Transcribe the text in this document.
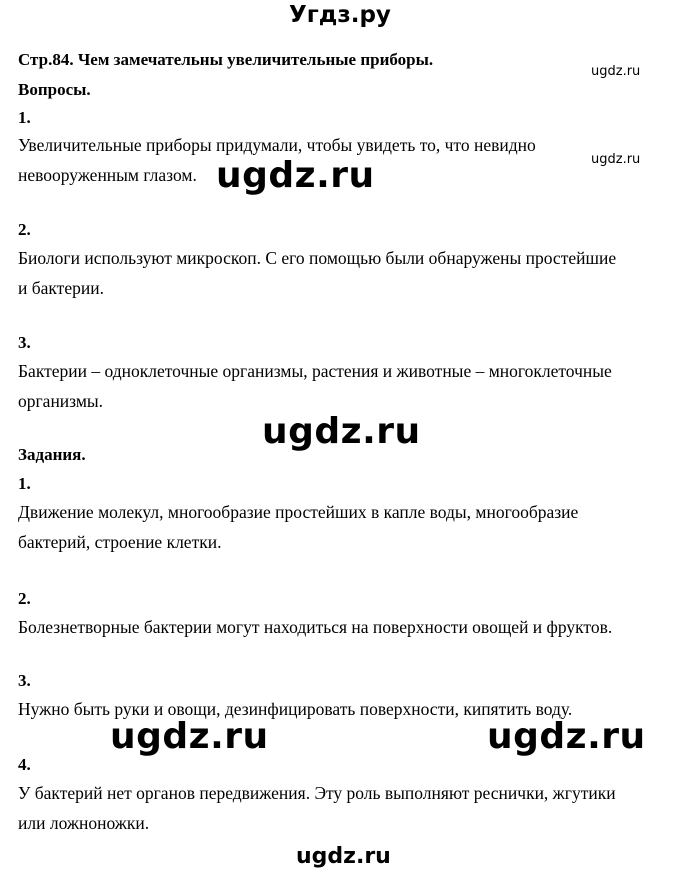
Угдз.ру
Стр.84. Чем замечательны увеличительные приборы.
Вопросы.
1.
Увеличительные приборы придумали, чтобы увидеть то, что невидно
невооруженным глазом.
2.
Биологи используют микроскоп. С его помощью были обнаружены простейшие
и бактерии.
3.
Бактерии – одноклеточные организмы, растения и животные – многоклеточные
организмы.
Задания.
1.
Движение молекул, многообразие простейших в капле воды, многообразие
бактерий, строение клетки.
2.
Болезнетворные бактерии могут находиться на поверхности овощей и фруктов.
3.
Нужно быть руки и овощи, дезинфицировать поверхности, кипятить воду.
4.
У бактерий нет органов передвижения. Эту роль выполняют реснички, жгутики
или ложноножки.
ugdz.ru
ugdz.ru
ugdz.ru
ugdz.ru
ugdz.ru	ugdz.ru
ugdz.ru
